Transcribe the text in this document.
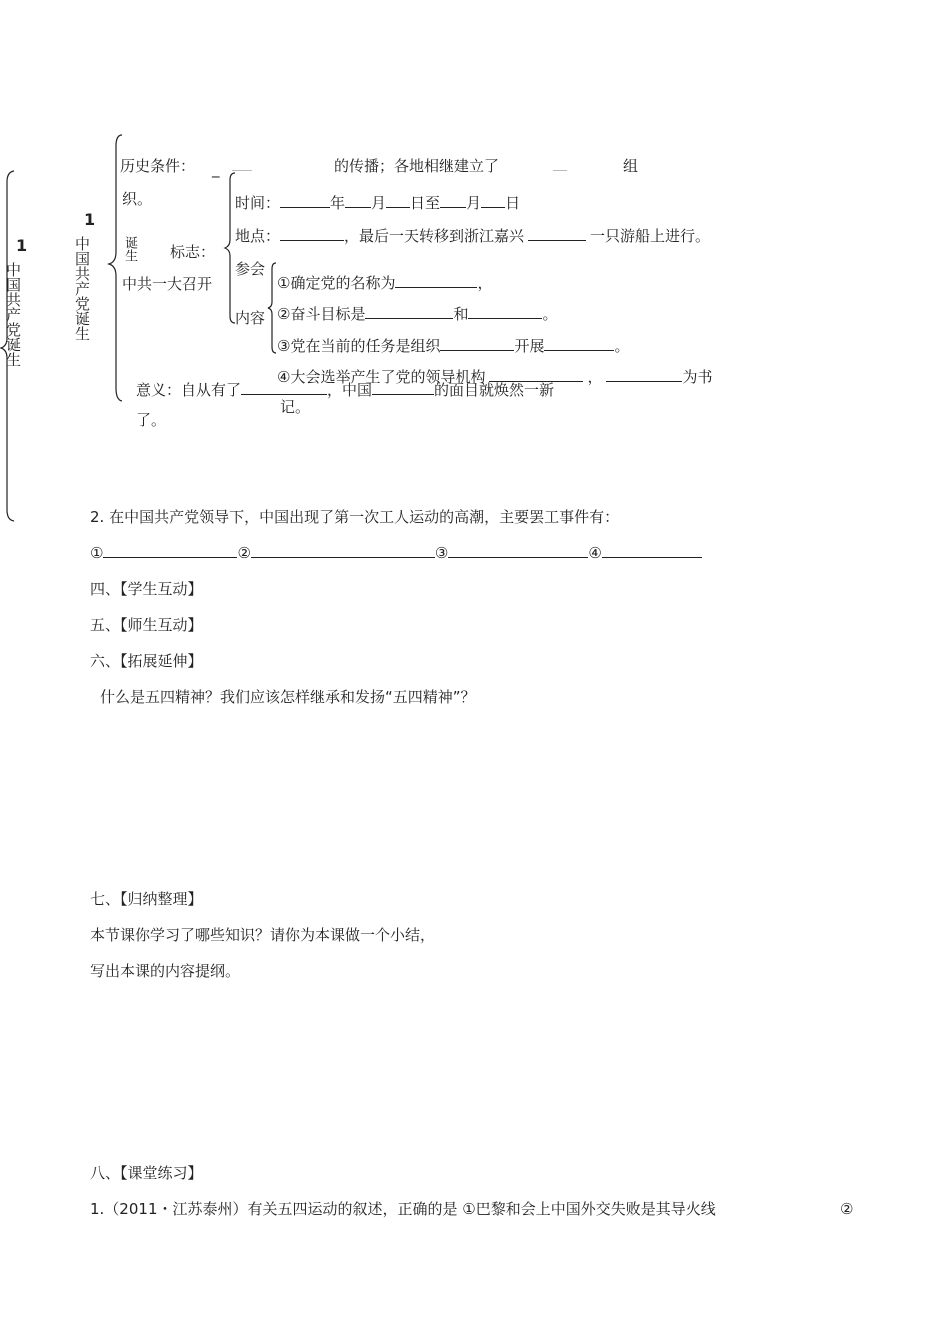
1
中国共产党诞生
1
中国共产党诞生
历史条件： _	的传播；各地相继建立了	组
织。
诞生 标志：
中共一大召开
时间：	年 月 日至 月 日
地点：	，最后一天转移到浙江嘉兴	一只游船上进行。
参会
内容
①确定党的名称为	，
②奋斗目标是	和	。
③党在当前的任务是组织	开展	。
④大会选举产生了党的领导机构	，	为书
意义：自从有了	，中国	的面目就焕然一新
记。
了。
2. 在中国共产党领导下，中国出现了第一次工人运动的高潮，主要罢工事件有：
①	②	③	④
四、【学生互动】
五、【师生互动】
六、【拓展延伸】
什么是五四精神？我们应该怎样继承和发扬“五四精神”？
七、【归纳整理】
本节课你学习了哪些知识？请你为本课做一个小结，
写出本课的内容提纲。
八、【课堂练习】
1.（2011・江苏泰州）有关五四运动的叙述，正确的是 ①巴黎和会上中国外交失败是其导火线	②
